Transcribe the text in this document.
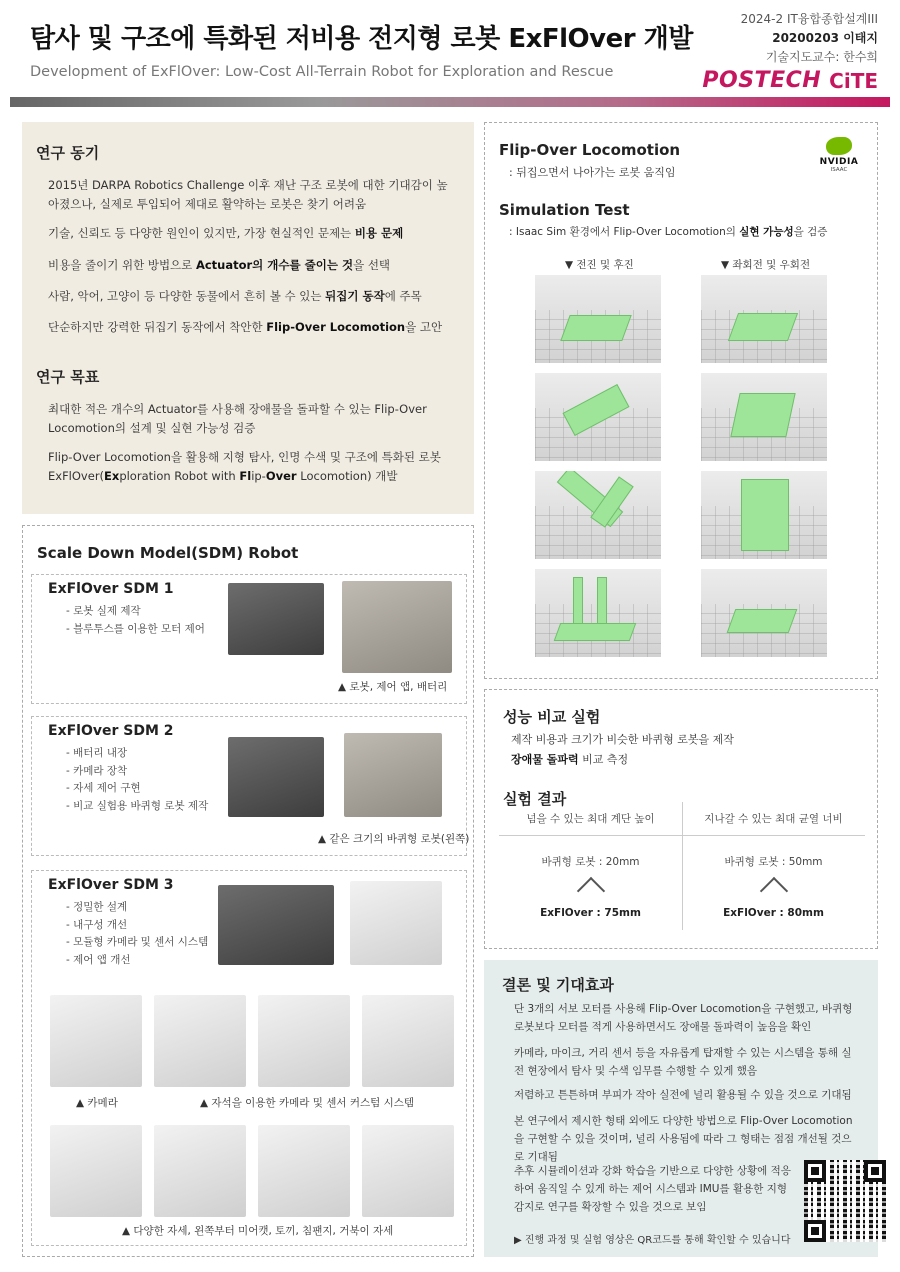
탐사 및 구조에 특화된 저비용 전지형 로봇 ExFlOver 개발
Development of ExFlOver: Low-Cost All-Terrain Robot for Exploration and Rescue
2024-2 IT융합종합설계III
20200203 이태지
기술지도교수: 한수희
POSTECH CiTE
연구 동기
2015년 DARPA Robotics Challenge 이후 재난 구조 로봇에 대한 기대감이 높아졌으나, 실제로 투입되어 제대로 활약하는 로봇은 찾기 어려움
기술, 신뢰도 등 다양한 원인이 있지만, 가장 현실적인 문제는 비용 문제
비용을 줄이기 위한 방법으로 Actuator의 개수를 줄이는 것을 선택
사람, 악어, 고양이 등 다양한 동물에서 흔히 볼 수 있는 뒤집기 동작에 주목
단순하지만 강력한 뒤집기 동작에서 착안한 Flip-Over Locomotion을 고안
연구 목표
최대한 적은 개수의 Actuator를 사용해 장애물을 돌파할 수 있는 Flip-Over Locomotion의 설계 및 실현 가능성 검증
Flip-Over Locomotion을 활용해 지형 탐사, 인명 수색 및 구조에 특화된 로봇 ExFlOver(Exploration Robot with Flip-Over Locomotion) 개발
Scale Down Model(SDM) Robot
ExFlOver SDM 1
- 로봇 실제 제작
- 블루투스를 이용한 모터 제어
▲ 로봇, 제어 앱, 배터리
ExFlOver SDM 2
- 배터리 내장
- 카메라 장착
- 자세 제어 구현
- 비교 실험용 바퀴형 로봇 제작
▲ 같은 크기의 바퀴형 로봇(왼쪽)
ExFlOver SDM 3
- 정밀한 설계
- 내구성 개선
- 모듈형 카메라 및 센서 시스템
- 제어 앱 개선
▲ 카메라	▲ 자석을 이용한 카메라 및 센서 커스텀 시스템
▲ 다양한 자세, 왼쪽부터 미어캣, 토끼, 침팬지, 거북이 자세
Flip-Over Locomotion
: 뒤집으면서 나아가는 로봇 움직임
NVIDIA
ISAAC
Simulation Test
: Isaac Sim 환경에서 Flip-Over Locomotion의 실현 가능성을 검증
▼ 전진 및 후진	▼ 좌회전 및 우회전
성능 비교 실험
제작 비용과 크기가 비슷한 바퀴형 로봇을 제작
장애물 돌파력 비교 측정
실험 결과
넘을 수 있는 최대 계단 높이
바퀴형 로봇 : 20mm
ExFlOver : 75mm
지나갈 수 있는 최대 균열 너비
바퀴형 로봇 : 50mm
ExFlOver : 80mm
결론 및 기대효과
단 3개의 서보 모터를 사용해 Flip-Over Locomotion을 구현했고, 바퀴형 로봇보다 모터를 적게 사용하면서도 장애물 돌파력이 높음을 확인
카메라, 마이크, 거리 센서 등을 자유롭게 탑재할 수 있는 시스템을 통해 실전 현장에서 탐사 및 수색 임무를 수행할 수 있게 했음
저렴하고 튼튼하며 부피가 작아 실전에 널리 활용될 수 있을 것으로 기대됨
본 연구에서 제시한 형태 외에도 다양한 방법으로 Flip-Over Locomotion을 구현할 수 있을 것이며, 널리 사용됨에 따라 그 형태는 점점 개선될 것으로 기대됨
추후 시뮬레이션과 강화 학습을 기반으로 다양한 상황에 적응하여 움직일 수 있게 하는 제어 시스템과 IMU를 활용한 지형 감지로 연구를 확장할 수 있을 것으로 보임
▶ 진행 과정 및 실험 영상은 QR코드를 통해 확인할 수 있습니다
